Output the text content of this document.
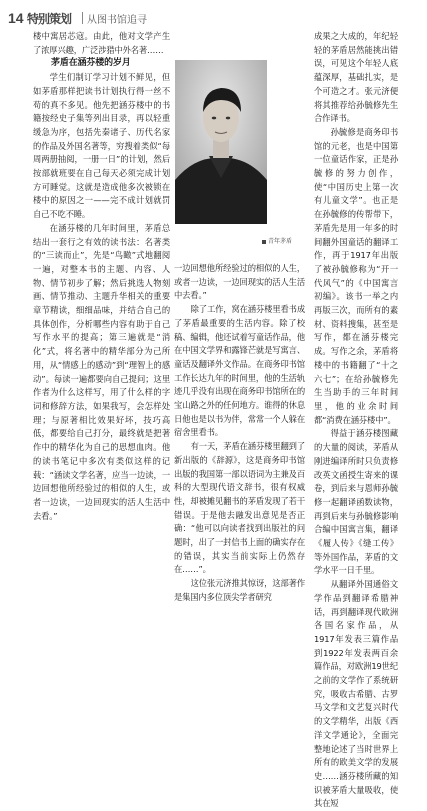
14 特别策划 从图书馆追寻

楼中寓居芯寇。由此，他对文学产生了浓厚兴趣，广泛涉猎中外名著……

茅盾在涵芬楼的岁月

学生们制订学习计划不鲜见，但如茅盾那样把读书计划执行得一丝不苟的真不多见。他先把涵芬楼中的书籍按经史子集等列出目录，再以轻重缓急为序，包括先秦诸子、历代名家的作品及外国名著等，穷搜着类似“每周两册抽阅，一册一日”的计划，然后按部就班要在自己每天必须完成计划方可睡觉。这就是造成他多次被锁在楼中的原因之一——完不成计划就罚自己不吃不睡。

在涵芬楼的几年时间里，茅盾总结出一套行之有效的读书法：名著类的“三读而止”，先是“鸟瞰”式地翻阅一遍，对整本书的主题、内容、人物、情节初步了解；然后挑选人物刻画、情节推动、主题升华相关的重要章节精读，细细品味，并结合自己的具体创作，分析哪些内容有助于自己写作水平的提高；第三遍就是“消化”式，将名著中的精华部分为己所用，从“情感上的感动”到“理智上的感动”。每读一遍都要向自己提问；这里作者为什么这样写，用了什么样的字词和修辞方法，如果我写，会怎样处理；与原著相比效果好坏，技巧高低，都要给自己打分，最终就是把著作中的精华化为自己的思想血肉。他的读书笔记中多次有类似这样的记载：“涵读文学名著，应当一边读，一边回想他所经验过的相似的人生，或者一边读，一边回现实的活人生活中去看。”

青年茅盾

一边回想他所经验过的相似的人生，或者一边读，一边回现实的活人生活中去看。”

除了工作，窝在涵芬楼里看书成了茅盾最重要的生活内容。除了校稿、编辑，他还试着写童话作品，他在中国文学界和露锋芒就是写寓言、童话及翻译外文作品。在商务印书馆工作长达九年的时间里，他的生活轨迹几乎没有出现在商务印书馆所在的宝山路之外的任何地方。谁得的休息日他也是以书为伴，常常一个人躲在宿舍里看书。

有一天，茅盾在涵芬楼里翻到了新出版的《辞源》，这是商务印书馆出版的我国第一部以语词为主兼及百科的大型现代语文辞书，很有权威性，却被摊见翻书的茅盾发现了若干错误。于是他去融发出意见是否正确：“他可以向读者找到出版社的问题时，出了一封信书上面的确实存在的错误，其实当前实际上仍然存在……”。

这位张元济推其惊讶，这部著作是集国内多位顶尖学者研究

成果之大成的，年纪轻轻的茅盾居然能挑出错误，可见这个年轻人底蕴深厚，基础扎实，是个可造之才。张元济便将其推荐给孙毓修先生合作译书。

孙毓修是商务印书馆的元老，也是中国第一位童话作家，正是孙毓修的努力创作，使“中国历史上第一次有儿童文学”。也正是在孙毓修的传帮带下，茅盾先是用一年多的时间翻外国童话的翻译工作，再于1917年出版了被孙毓修称为“开一代风气”的《中国寓言初编》。该书一举之内再版三次，而所有的素材、资料搜集，甚至是写作，都在涵芬楼完成。写作之余，茅盾将楼中的书籍翻了“十之六七”；在给孙毓修先生当助手的三年时间里，他的业余时间都“消费在涵芬楼中”。

得益于涵芬楼图藏的大量的阅读，茅盾从刚进编译所时只负责修改英文函授生寄来的课卷，到后来与恩师孙毓修一起翻译函数读物，再到后来与孙毓修影响合编中国寓言集，翻译《履人传》《缝工传》等外国作品，茅盾的文学水平一日千里。

从翻译外国通俗文学作品到翻译希腊神话，再到翻译现代欧洲各国名家作品，从1917年发表三篇作品到1922年发表两百余篇作品，对欧洲19世纪之前的文学作了系统研究，吸收古希腊、古罗马文学和文艺复兴时代的文学精华，出版《西洋文学通论》，全面完整地论述了当时世界上所有的欧美文学的发展史……涵芬楼所藏的知识被茅盾大量吸收，使其在短
